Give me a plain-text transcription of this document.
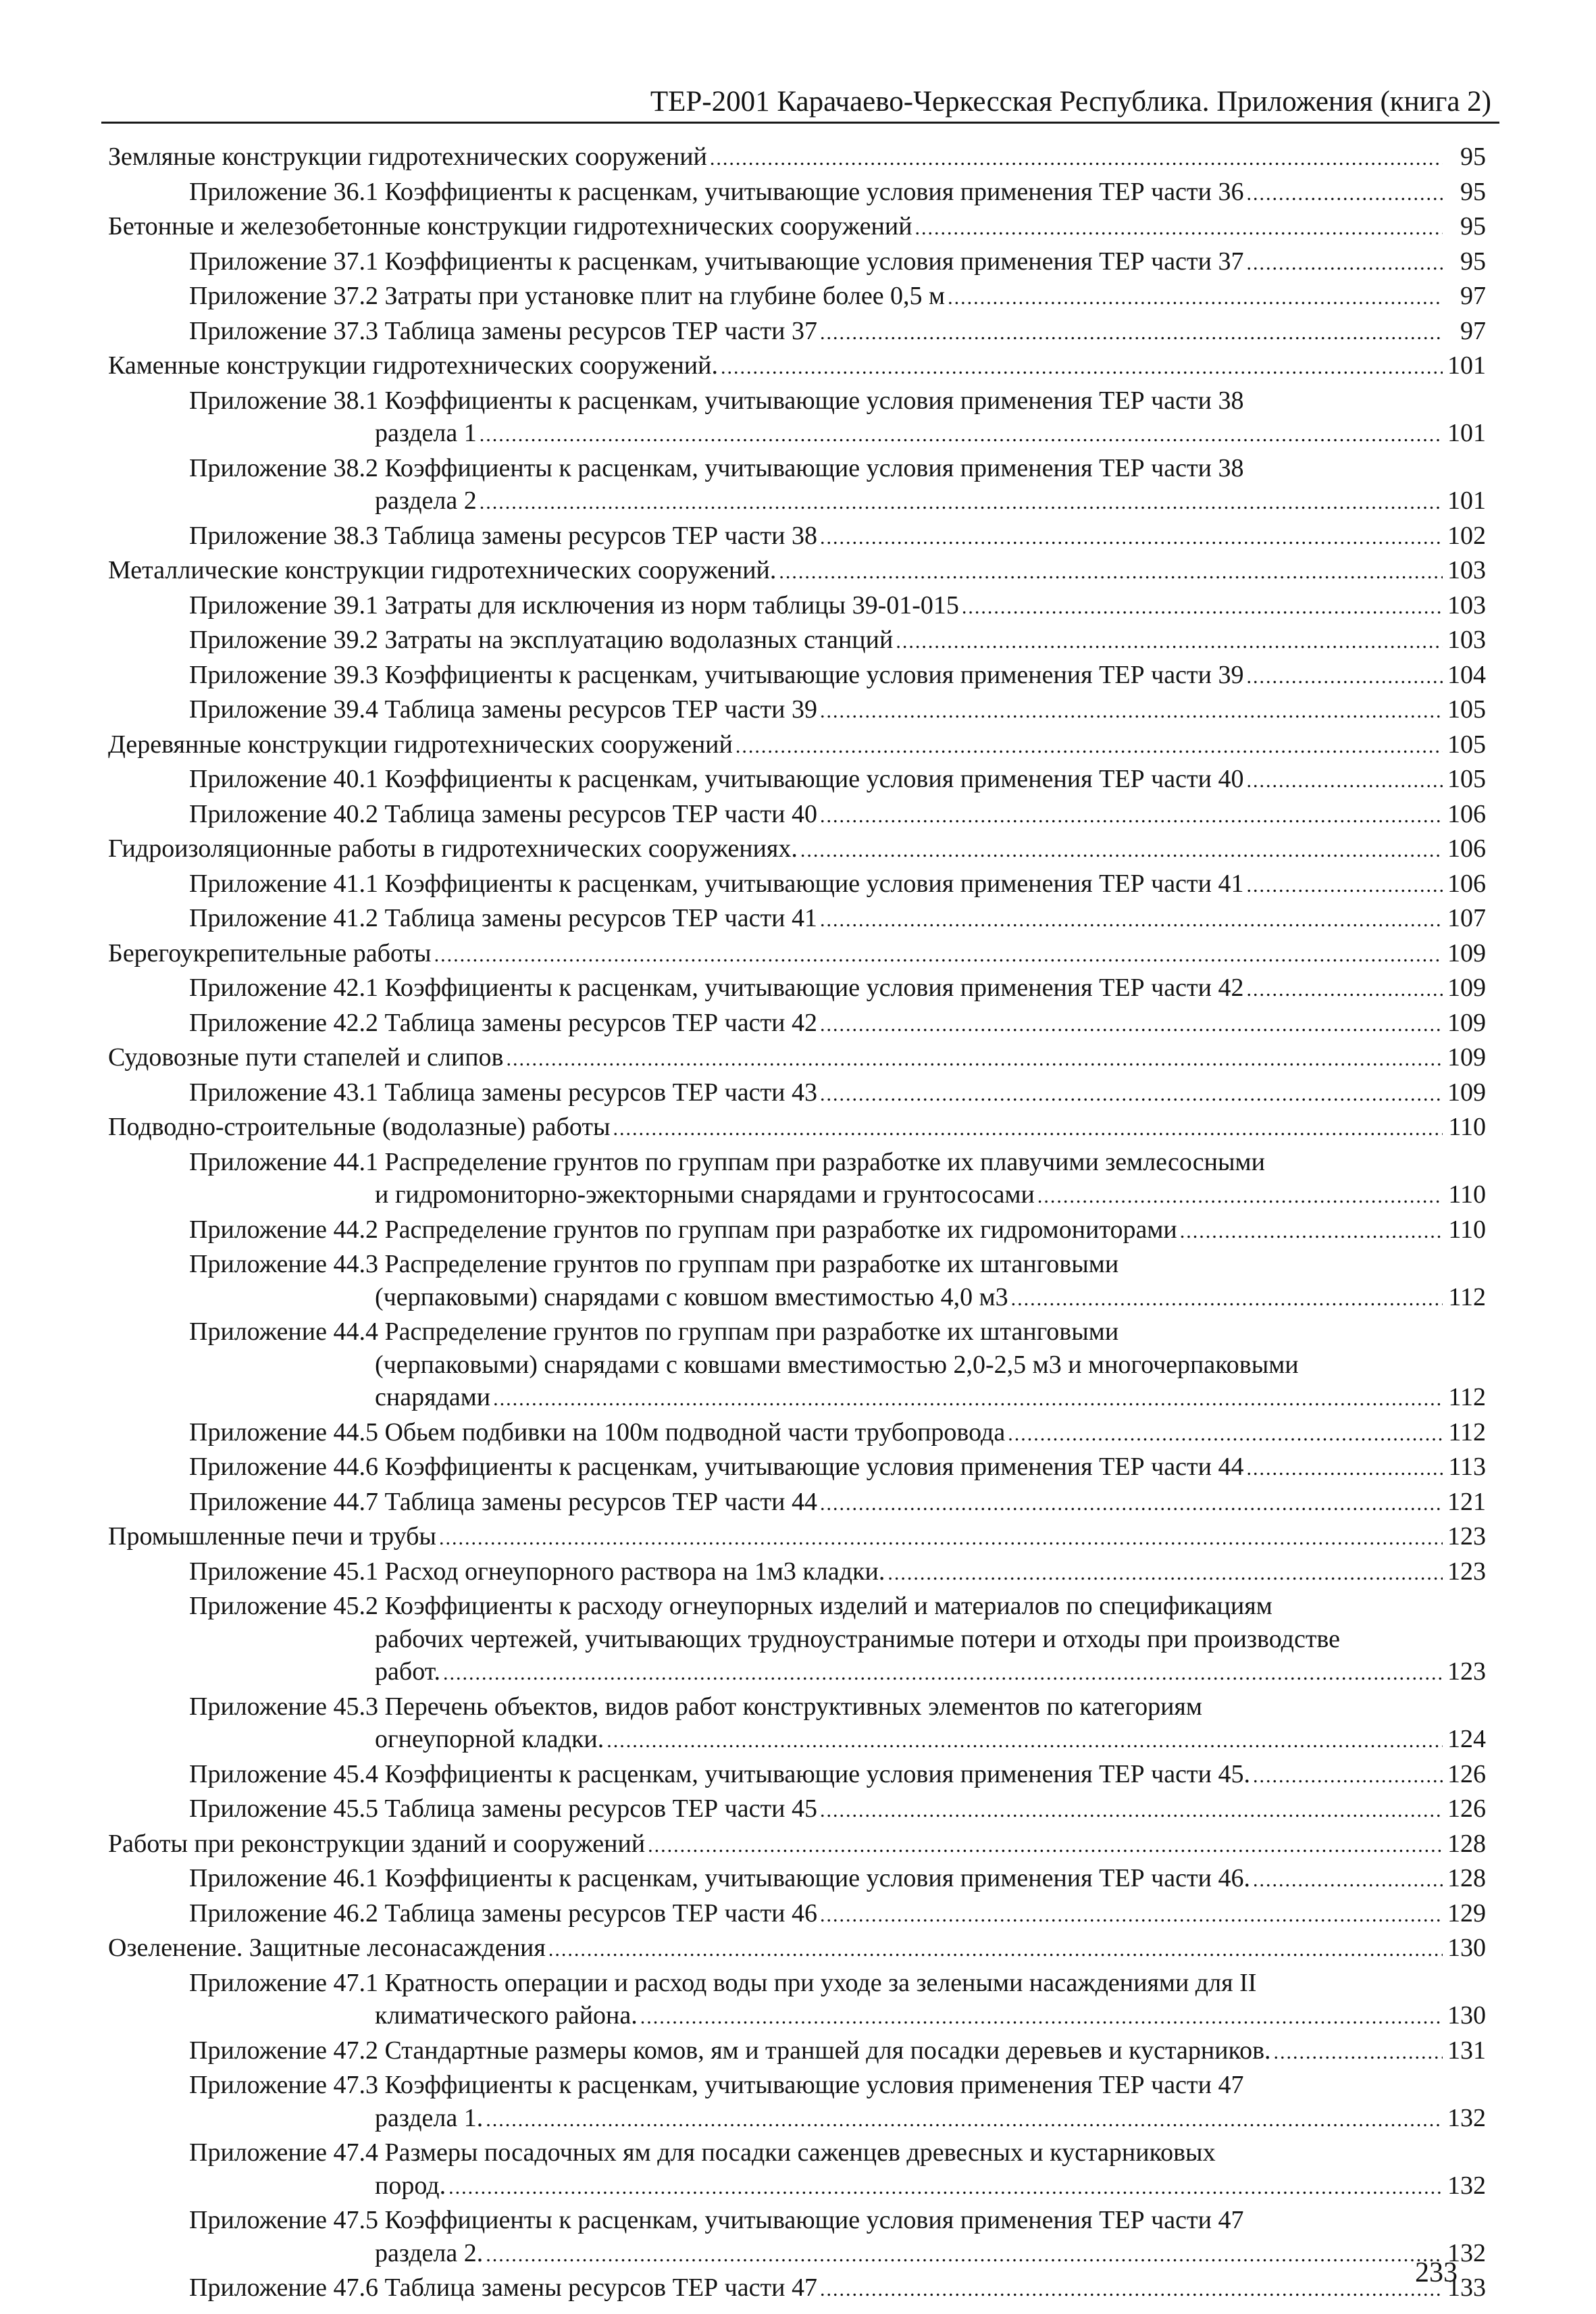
ТЕР-2001 Карачаево-Черкесская Республика. Приложения (книга 2)
Земляные конструкции гидротехнических сооружений .....	95
Приложение 36.1 Коэффициенты к расценкам, учитывающие условия применения ТЕР части 36 .....	95
Бетонные и железобетонные конструкции гидротехнических сооружений .....	95
Приложение 37.1 Коэффициенты к расценкам, учитывающие условия применения ТЕР части 37 .....	95
Приложение 37.2 Затраты при установке плит на глубине более 0,5 м .....	97
Приложение 37.3 Таблица замены ресурсов ТЕР части 37 .....	97
Каменные конструкции гидротехнических сооружений. .....	101
Приложение 38.1 Коэффициенты к расценкам, учитывающие условия применения ТЕР части 38
раздела 1 .....	101
Приложение 38.2 Коэффициенты к расценкам, учитывающие условия применения ТЕР части 38
раздела 2 .....	101
Приложение 38.3 Таблица замены ресурсов ТЕР части 38 .....	102
Металлические конструкции гидротехнических сооружений. .....	103
Приложение 39.1 Затраты для исключения из норм таблицы 39-01-015 .....	103
Приложение 39.2 Затраты на эксплуатацию водолазных станций .....	103
Приложение 39.3 Коэффициенты к расценкам, учитывающие условия применения ТЕР части 39 .....	104
Приложение 39.4 Таблица замены ресурсов ТЕР части 39 .....	105
Деревянные конструкции гидротехнических сооружений .....	105
Приложение 40.1 Коэффициенты к расценкам, учитывающие условия применения ТЕР части 40 .....	105
Приложение 40.2 Таблица замены ресурсов ТЕР части 40 .....	106
Гидроизоляционные работы в гидротехнических сооружениях. .....	106
Приложение 41.1 Коэффициенты к расценкам, учитывающие условия применения ТЕР части 41 .....	106
Приложение 41.2 Таблица замены ресурсов ТЕР части 41 .....	107
Берегоукрепительные работы .....	109
Приложение 42.1 Коэффициенты к расценкам, учитывающие условия применения ТЕР части 42 .....	109
Приложение 42.2 Таблица замены ресурсов ТЕР части 42 .....	109
Судовозные пути стапелей и слипов .....	109
Приложение 43.1 Таблица замены ресурсов ТЕР части 43 .....	109
Подводно-строительные (водолазные) работы .....	110
Приложение 44.1 Распределение грунтов по группам при разработке их плавучими землесосными
и гидромониторно-эжекторными снарядами и грунтососами .....	110
Приложение 44.2 Распределение грунтов по группам при разработке их гидромониторами .....	110
Приложение 44.3 Распределение грунтов по группам при разработке их штанговыми
(черпаковыми) снарядами с ковшом вместимостью 4,0 м3 .....	112
Приложение 44.4 Распределение грунтов по группам при разработке их штанговыми
(черпаковыми) снарядами с ковшами вместимостью 2,0-2,5 м3 и многочерпаковыми
снарядами .....	112
Приложение 44.5 Обьем подбивки на 100м подводной части трубопровода .....	112
Приложение 44.6 Коэффициенты к расценкам, учитывающие условия применения ТЕР части 44 .....	113
Приложение 44.7 Таблица замены ресурсов ТЕР части 44 .....	121
Промышленные печи и трубы .....	123
Приложение 45.1 Расход огнеупорного раствора на 1м3 кладки. .....	123
Приложение 45.2 Коэффициенты к расходу огнеупорных изделий и материалов по спецификациям
рабочих чертежей, учитывающих трудноустранимые потери и отходы при производстве
работ. .....	123
Приложение 45.3 Перечень объектов, видов работ конструктивных элементов по категориям
огнеупорной кладки. .....	124
Приложение 45.4 Коэффициенты к расценкам, учитывающие условия применения ТЕР части 45. .....	126
Приложение 45.5 Таблица замены ресурсов ТЕР части 45 .....	126
Работы при реконструкции зданий и сооружений .....	128
Приложение 46.1 Коэффициенты к расценкам, учитывающие условия применения ТЕР части 46. .....	128
Приложение 46.2 Таблица замены ресурсов ТЕР части 46 .....	129
Озеленение. Защитные лесонасаждения .....	130
Приложение 47.1 Кратность операции и расход воды при уходе за зелеными насаждениями для II
климатического района. .....	130
Приложение 47.2 Стандартные размеры комов, ям и траншей для посадки деревьев и кустарников. .....	131
Приложение 47.3 Коэффициенты к расценкам, учитывающие условия применения ТЕР части 47
раздела 1. .....	132
Приложение 47.4 Размеры посадочных ям для посадки саженцев древесных и кустарниковых
пород. .....	132
Приложение 47.5 Коэффициенты к расценкам, учитывающие условия применения ТЕР части 47
раздела 2. .....	132
Приложение 47.6 Таблица замены ресурсов ТЕР части 47 .....	133
233
